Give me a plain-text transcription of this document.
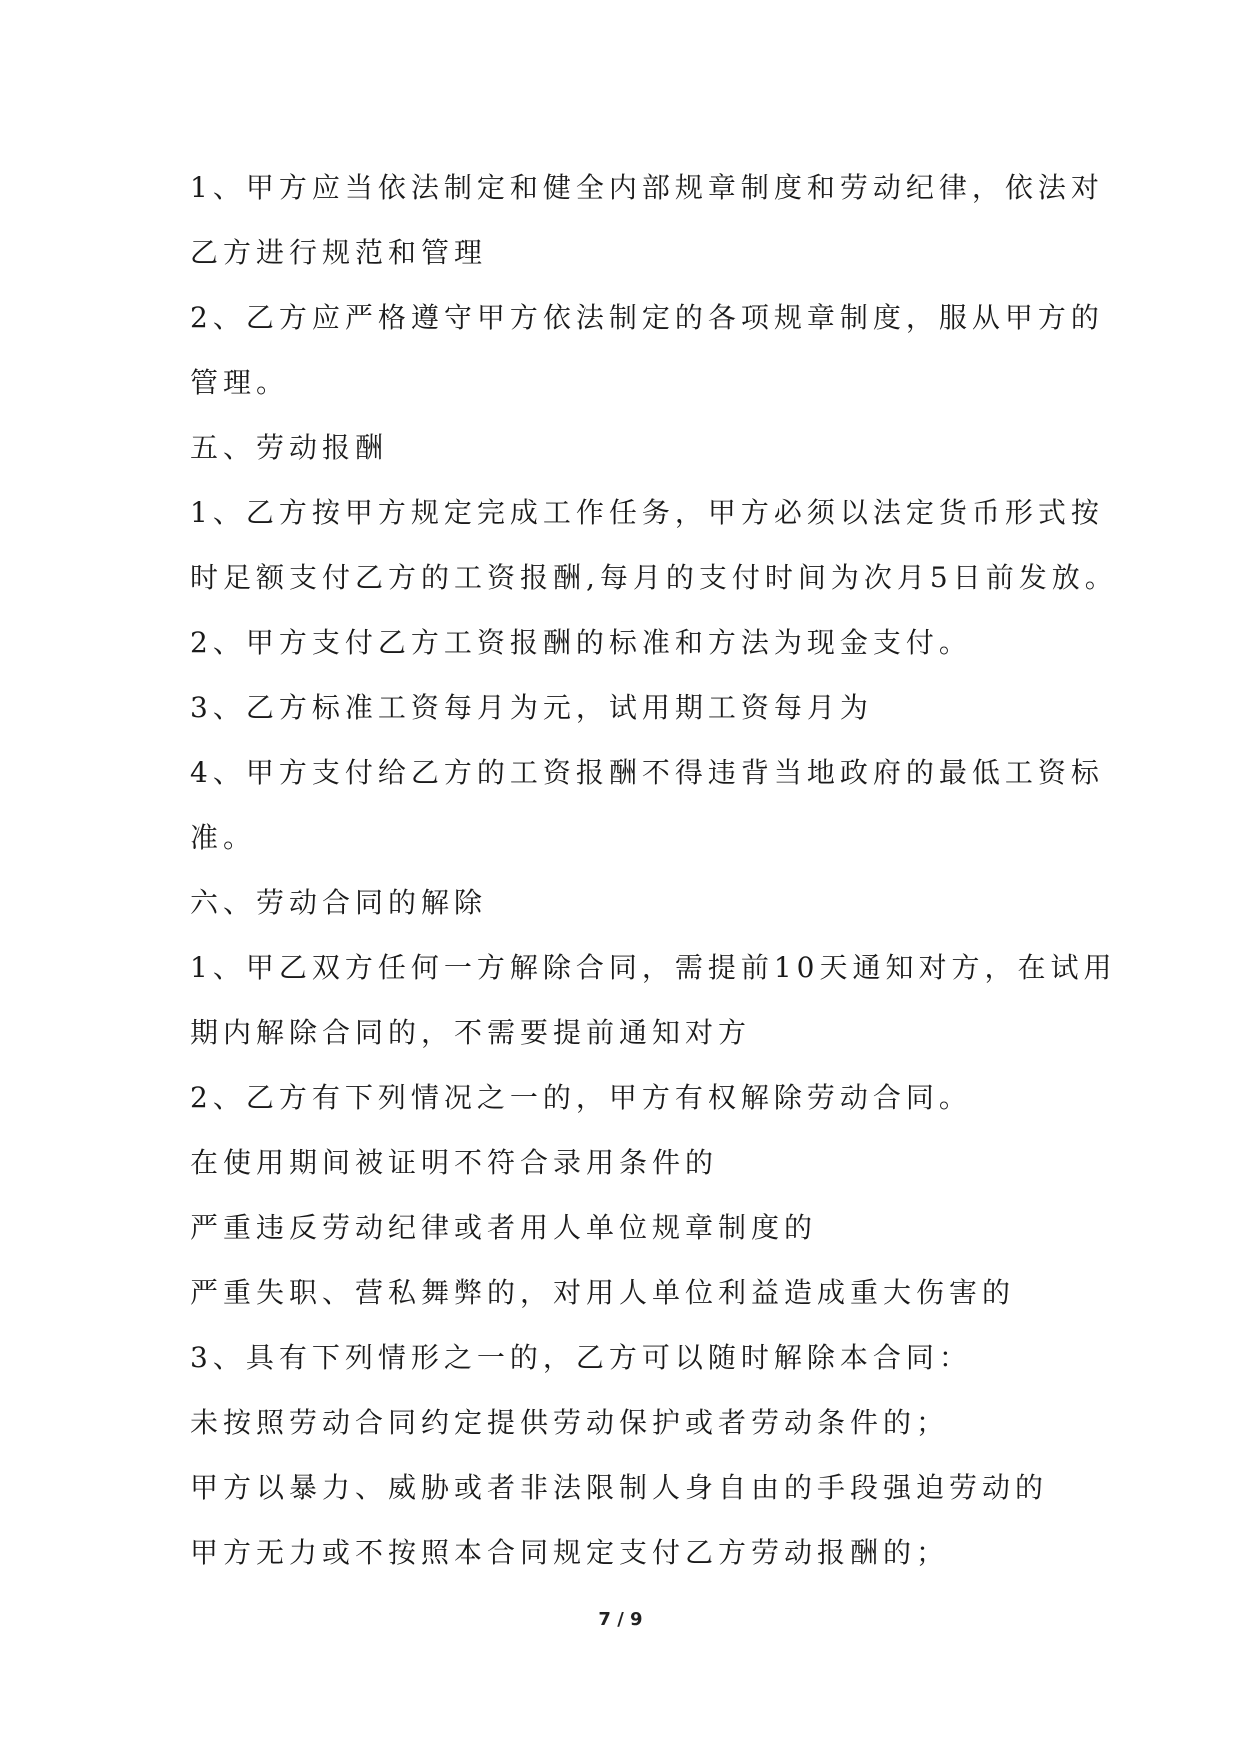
1、甲方应当依法制定和健全内部规章制度和劳动纪律，依法对

乙方进行规范和管理

2、乙方应严格遵守甲方依法制定的各项规章制度，服从甲方的

管理。

五、劳动报酬

1、乙方按甲方规定完成工作任务，甲方必须以法定货币形式按

时足额支付乙方的工资报酬,每月的支付时间为次月5日前发放。

2、甲方支付乙方工资报酬的标准和方法为现金支付。

3、乙方标准工资每月为元，试用期工资每月为

4、甲方支付给乙方的工资报酬不得违背当地政府的最低工资标

准。

六、劳动合同的解除

1、甲乙双方任何一方解除合同，需提前10天通知对方，在试用

期内解除合同的，不需要提前通知对方

2、乙方有下列情况之一的，甲方有权解除劳动合同。

在使用期间被证明不符合录用条件的

严重违反劳动纪律或者用人单位规章制度的

严重失职、营私舞弊的，对用人单位利益造成重大伤害的

3、具有下列情形之一的，乙方可以随时解除本合同：

未按照劳动合同约定提供劳动保护或者劳动条件的；

甲方以暴力、威胁或者非法限制人身自由的手段强迫劳动的

甲方无力或不按照本合同规定支付乙方劳动报酬的；

7 / 9
